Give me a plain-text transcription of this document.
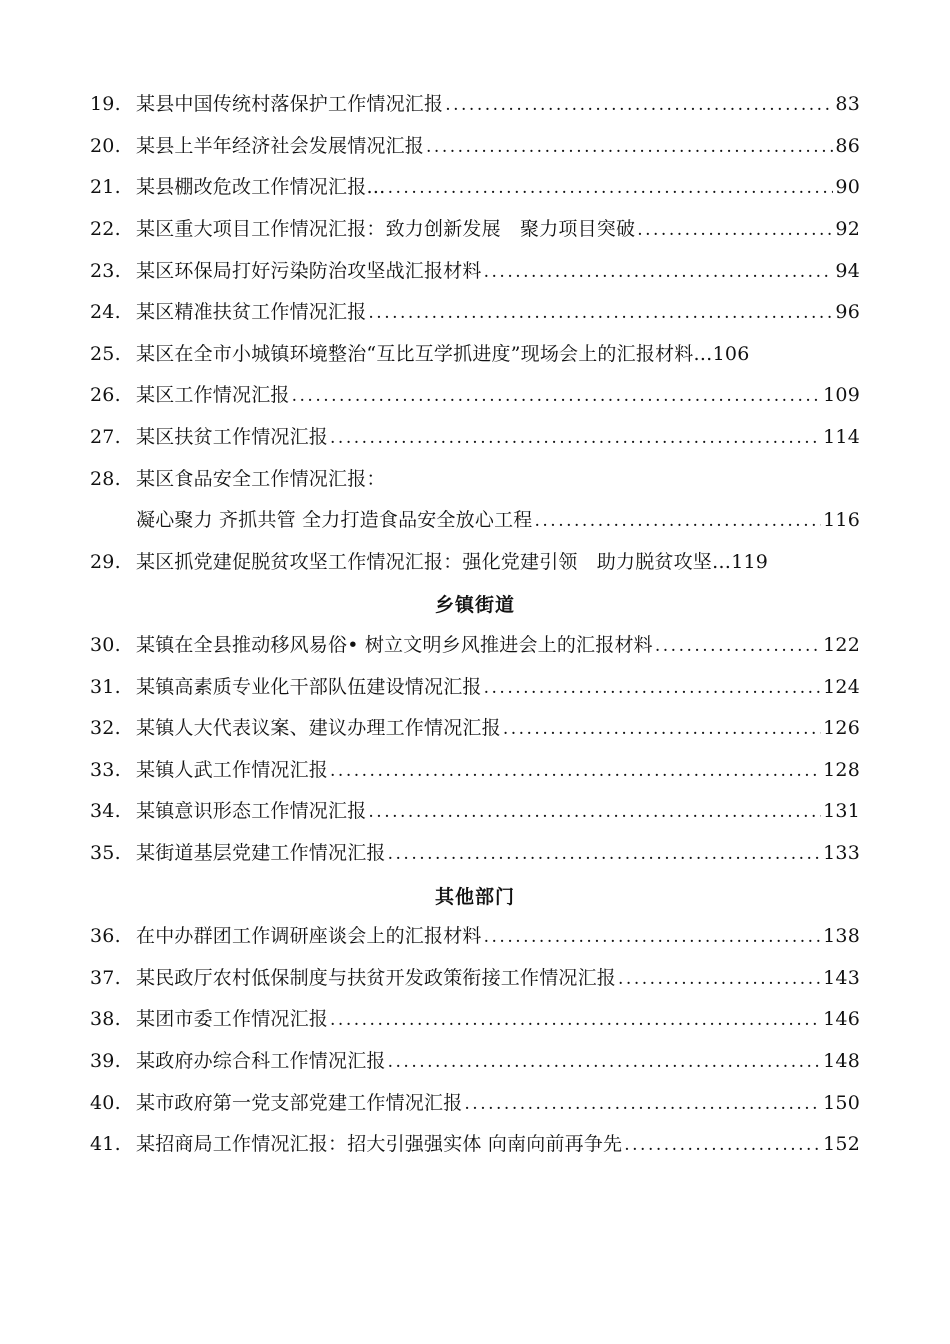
19. 某县中国传统村落保护工作情况汇报 .....	83
20. 某县上半年经济社会发展情况汇报 .....	86
21. 某县棚改危改工作情况汇报… .....	90
22. 某区重大项目工作情况汇报：致力创新发展　聚力项目突破 .....	92
23. 某区环保局打好污染防治攻坚战汇报材料 .....	94
24. 某区精准扶贫工作情况汇报 .....	96
25. 某区在全市小城镇环境整治“互比互学抓进度”现场会上的汇报材料… 106
26. 某区工作情况汇报 .....	109
27. 某区扶贫工作情况汇报 .....	114
28. 某区食品安全工作情况汇报：
凝心聚力 齐抓共管 全力打造食品安全放心工程 .....	116
29. 某区抓党建促脱贫攻坚工作情况汇报：强化党建引领　助力脱贫攻坚… 119
乡镇街道
30. 某镇在全县推动移风易俗• 树立文明乡风推进会上的汇报材料 .....	122
31. 某镇高素质专业化干部队伍建设情况汇报 .....	124
32. 某镇人大代表议案、建议办理工作情况汇报 .....	126
33. 某镇人武工作情况汇报 .....	128
34. 某镇意识形态工作情况汇报 .....	131
35. 某街道基层党建工作情况汇报 .....	133
其他部门
36. 在中办群团工作调研座谈会上的汇报材料 .....	138
37. 某民政厅农村低保制度与扶贫开发政策衔接工作情况汇报 .....	143
38. 某团市委工作情况汇报 .....	146
39. 某政府办综合科工作情况汇报 .....	148
40. 某市政府第一党支部党建工作情况汇报 .....	150
41. 某招商局工作情况汇报：招大引强强实体 向南向前再争先 .....	152
